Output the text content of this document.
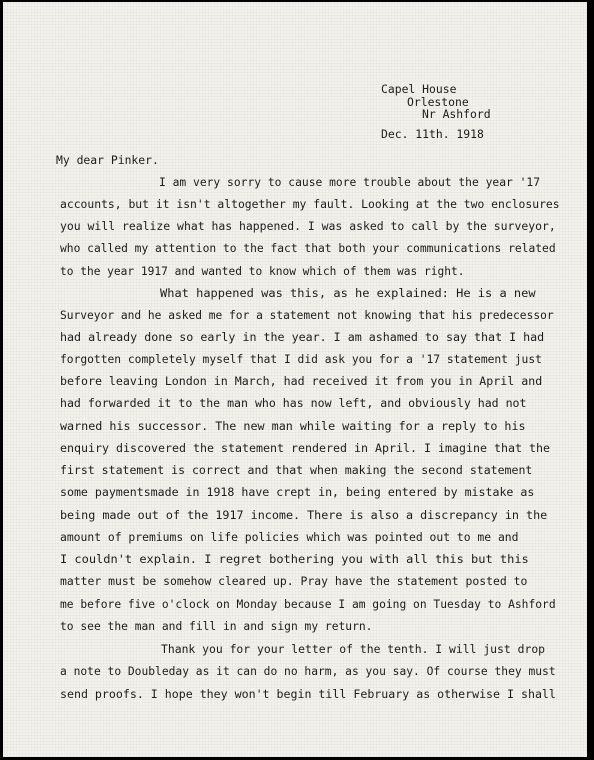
Capel House
Orlestone
Nr Ashford
Dec. 11th. 1918
My dear Pinker.
I am very sorry to cause more trouble about the year '17
accounts, but it isn't altogether my fault. Looking at the two enclosures
you will realize what has happened. I was asked to call by the surveyor,
who called my attention to the fact that both your communications related
to the year 1917 and wanted to know which of them was right.
What happened was this, as he explained: He is a new
Surveyor and he asked me for a statement not knowing that his predecessor
had already done so early in the year. I am ashamed to say that I had
forgotten completely myself that I did ask you for a '17 statement just
before leaving London in March, had received it from you in April and
had forwarded it to the man who has now left, and obviously had not
warned his successor. The new man while waiting for a reply to his
enquiry discovered the statement rendered in April. I imagine that the
first statement is correct and that when making the second statement
some paymentsmade in 1918 have crept in, being entered by mistake as
being made out of the 1917 income. There is also a discrepancy in the
amount of premiums on life policies which was pointed out to me and
I couldn't explain. I regret bothering you with all this but this
matter must be somehow cleared up. Pray have the statement posted to
me before five o'clock on Monday because I am going on Tuesday to Ashford
to see the man and fill in and sign my return.
Thank you for your letter of the tenth. I will just drop
a note to Doubleday as it can do no harm, as you say. Of course they must
send proofs. I hope they won't begin till February as otherwise I shall
